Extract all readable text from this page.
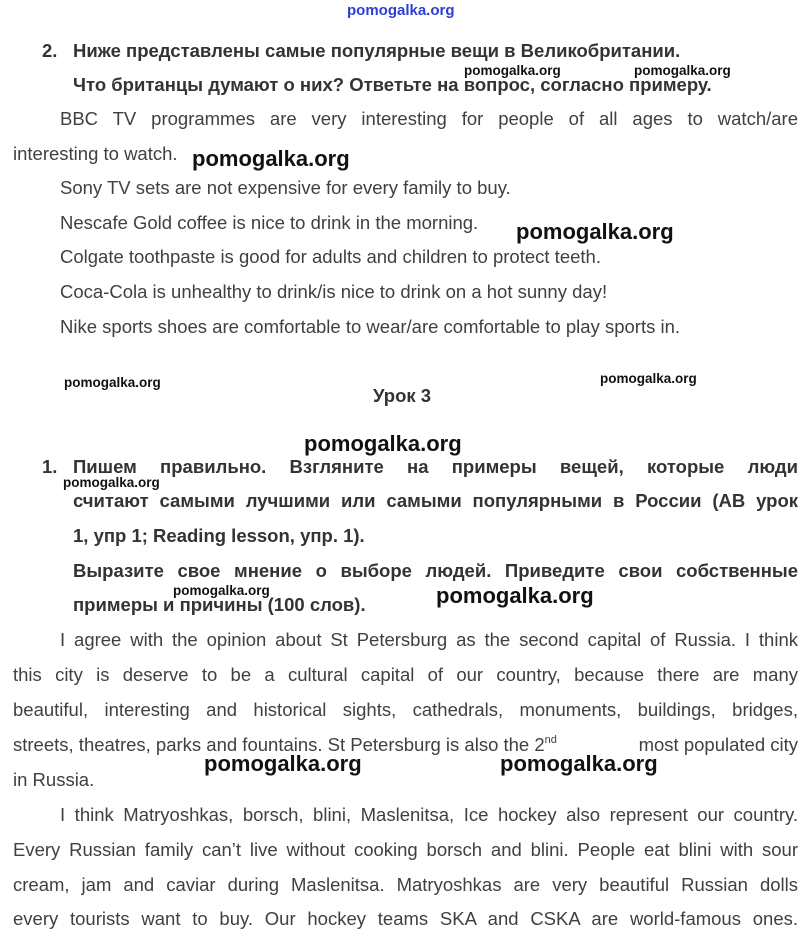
pomogalka.org
2. Ниже представлены самые популярные вещи в Великобритании.
Что британцы думают о них? Ответьте на вопрос, согласно примеру.
pomogalka.org	pomogalka.org
BBC TV programmes are very interesting for people of all ages to watch/are
interesting to watch. pomogalka.org
Sony TV sets are not expensive for every family to buy.
Nescafe Gold coffee is nice to drink in the morning. pomogalka.org
Colgate toothpaste is good for adults and children to protect teeth.
Coca-Cola is unhealthy to drink/is nice to drink on a hot sunny day!
Nike sports shoes are comfortable to wear/are comfortable to play sports in.
pomogalka.org	pomogalka.org
Урок 3
pomogalka.org
1. Пишем правильно. Взгляните на примеры вещей, которые люди
pomogalka.org
считают самыми лучшими или самыми популярными в России (АВ урок
1, упр 1; Reading lesson, упр. 1).
Выразите свое мнение о выборе людей. Приведите свои собственные
примеры и причины (100 слов).
pomogalka.org	pomogalka.org
I agree with the opinion about St Petersburg as the second capital of Russia. I think
this city is deserve to be a cultural capital of our country, because there are many
beautiful, interesting and historical sights, cathedrals, monuments, buildings, bridges,
streets, theatres, parks and fountains. St Petersburg is also the 2 nd	most populated city
in Russia.
pomogalka.org	pomogalka.org
I think Matryoshkas, borsch, blini, Maslenitsa, Ice hockey also represent our country.
Every Russian family can’t live without cooking borsch and blini. People eat blini with sour
cream, jam and caviar during Maslenitsa. Matryoshkas are very beautiful Russian dolls
every tourists want to buy. Our hockey teams SKA and CSKA are world-famous ones.
